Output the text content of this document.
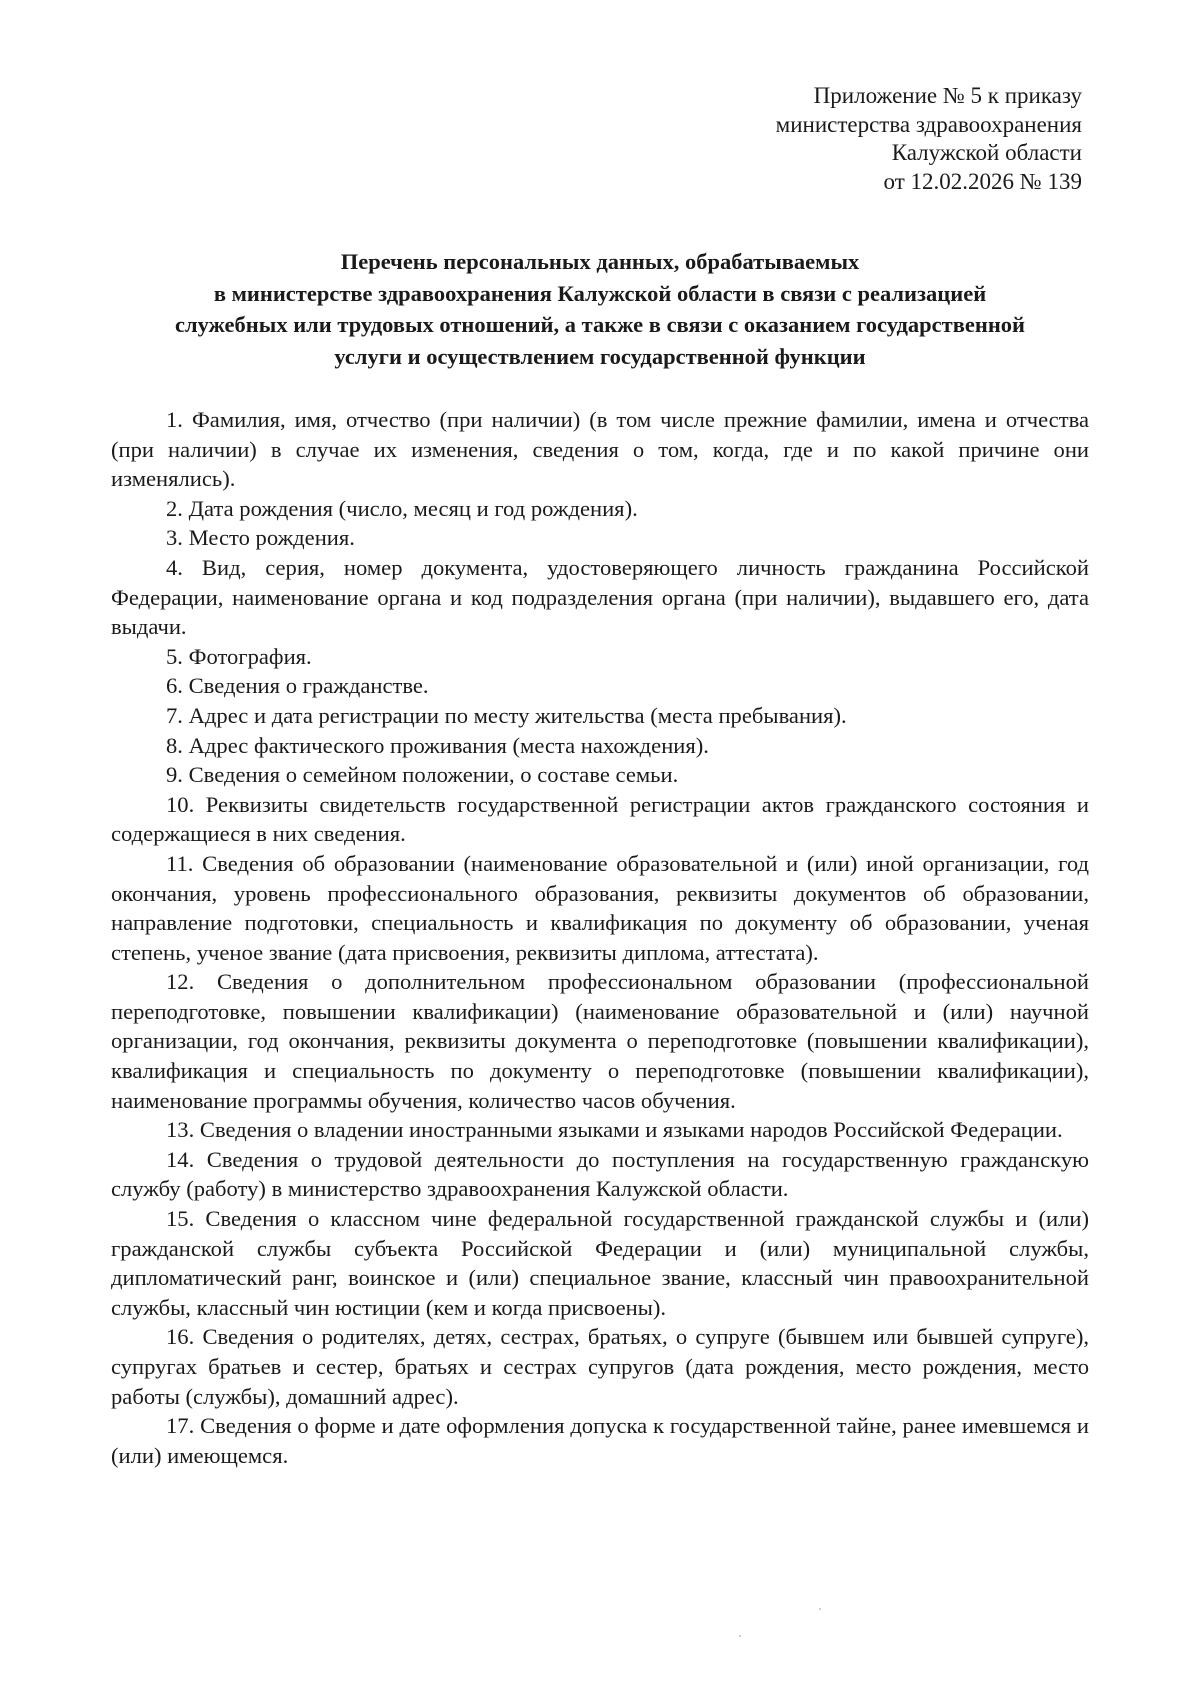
Приложение № 5 к приказу
министерства здравоохранения
Калужской области
от 12.02.2026 № 139
Перечень персональных данных, обрабатываемых
в министерстве здравоохранения Калужской области в связи с реализацией
служебных или трудовых отношений, а также в связи с оказанием государственной
услуги и осуществлением государственной функции

1. Фамилия, имя, отчество (при наличии) (в том числе прежние фамилии, имена и отчества (при наличии) в случае их изменения, сведения о том, когда, где и по какой причине они изменялись).

2. Дата рождения (число, месяц и год рождения).

3. Место рождения.

4. Вид, серия, номер документа, удостоверяющего личность гражданина Российской Федерации, наименование органа и код подразделения органа (при наличии), выдавшего его, дата выдачи.

5. Фотография.

6. Сведения о гражданстве.

7. Адрес и дата регистрации по месту жительства (места пребывания).

8. Адрес фактического проживания (места нахождения).

9. Сведения о семейном положении, о составе семьи.

10. Реквизиты свидетельств государственной регистрации актов гражданского состояния и содержащиеся в них сведения.

11. Сведения об образовании (наименование образовательной и (или) иной организации, год окончания, уровень профессионального образования, реквизиты документов об образовании, направление подготовки, специальность и квалификация по документу об образовании, ученая степень, ученое звание (дата присвоения, реквизиты диплома, аттестата).

12. Сведения о дополнительном профессиональном образовании (профессиональной переподготовке, повышении квалификации) (наименование образовательной и (или) научной организации, год окончания, реквизиты документа о переподготовке (повышении квалификации), квалификация и специальность по документу о переподготовке (повышении квалификации), наименование программы обучения, количество часов обучения.

13. Сведения о владении иностранными языками и языками народов Российской Федерации.

14. Сведения о трудовой деятельности до поступления на государственную гражданскую службу (работу) в министерство здравоохранения Калужской области.

15. Сведения о классном чине федеральной государственной гражданской службы и (или) гражданской службы субъекта Российской Федерации и (или) муниципальной службы, дипломатический ранг, воинское и (или) специальное звание, классный чин правоохранительной службы, классный чин юстиции (кем и когда присвоены).

16. Сведения о родителях, детях, сестрах, братьях, о супруге (бывшем или бывшей супруге), супругах братьев и сестер, братьях и сестрах супругов (дата рождения, место рождения, место работы (службы), домашний адрес).

17. Сведения о форме и дате оформления допуска к государственной тайне, ранее имевшемся и (или) имеющемся.
